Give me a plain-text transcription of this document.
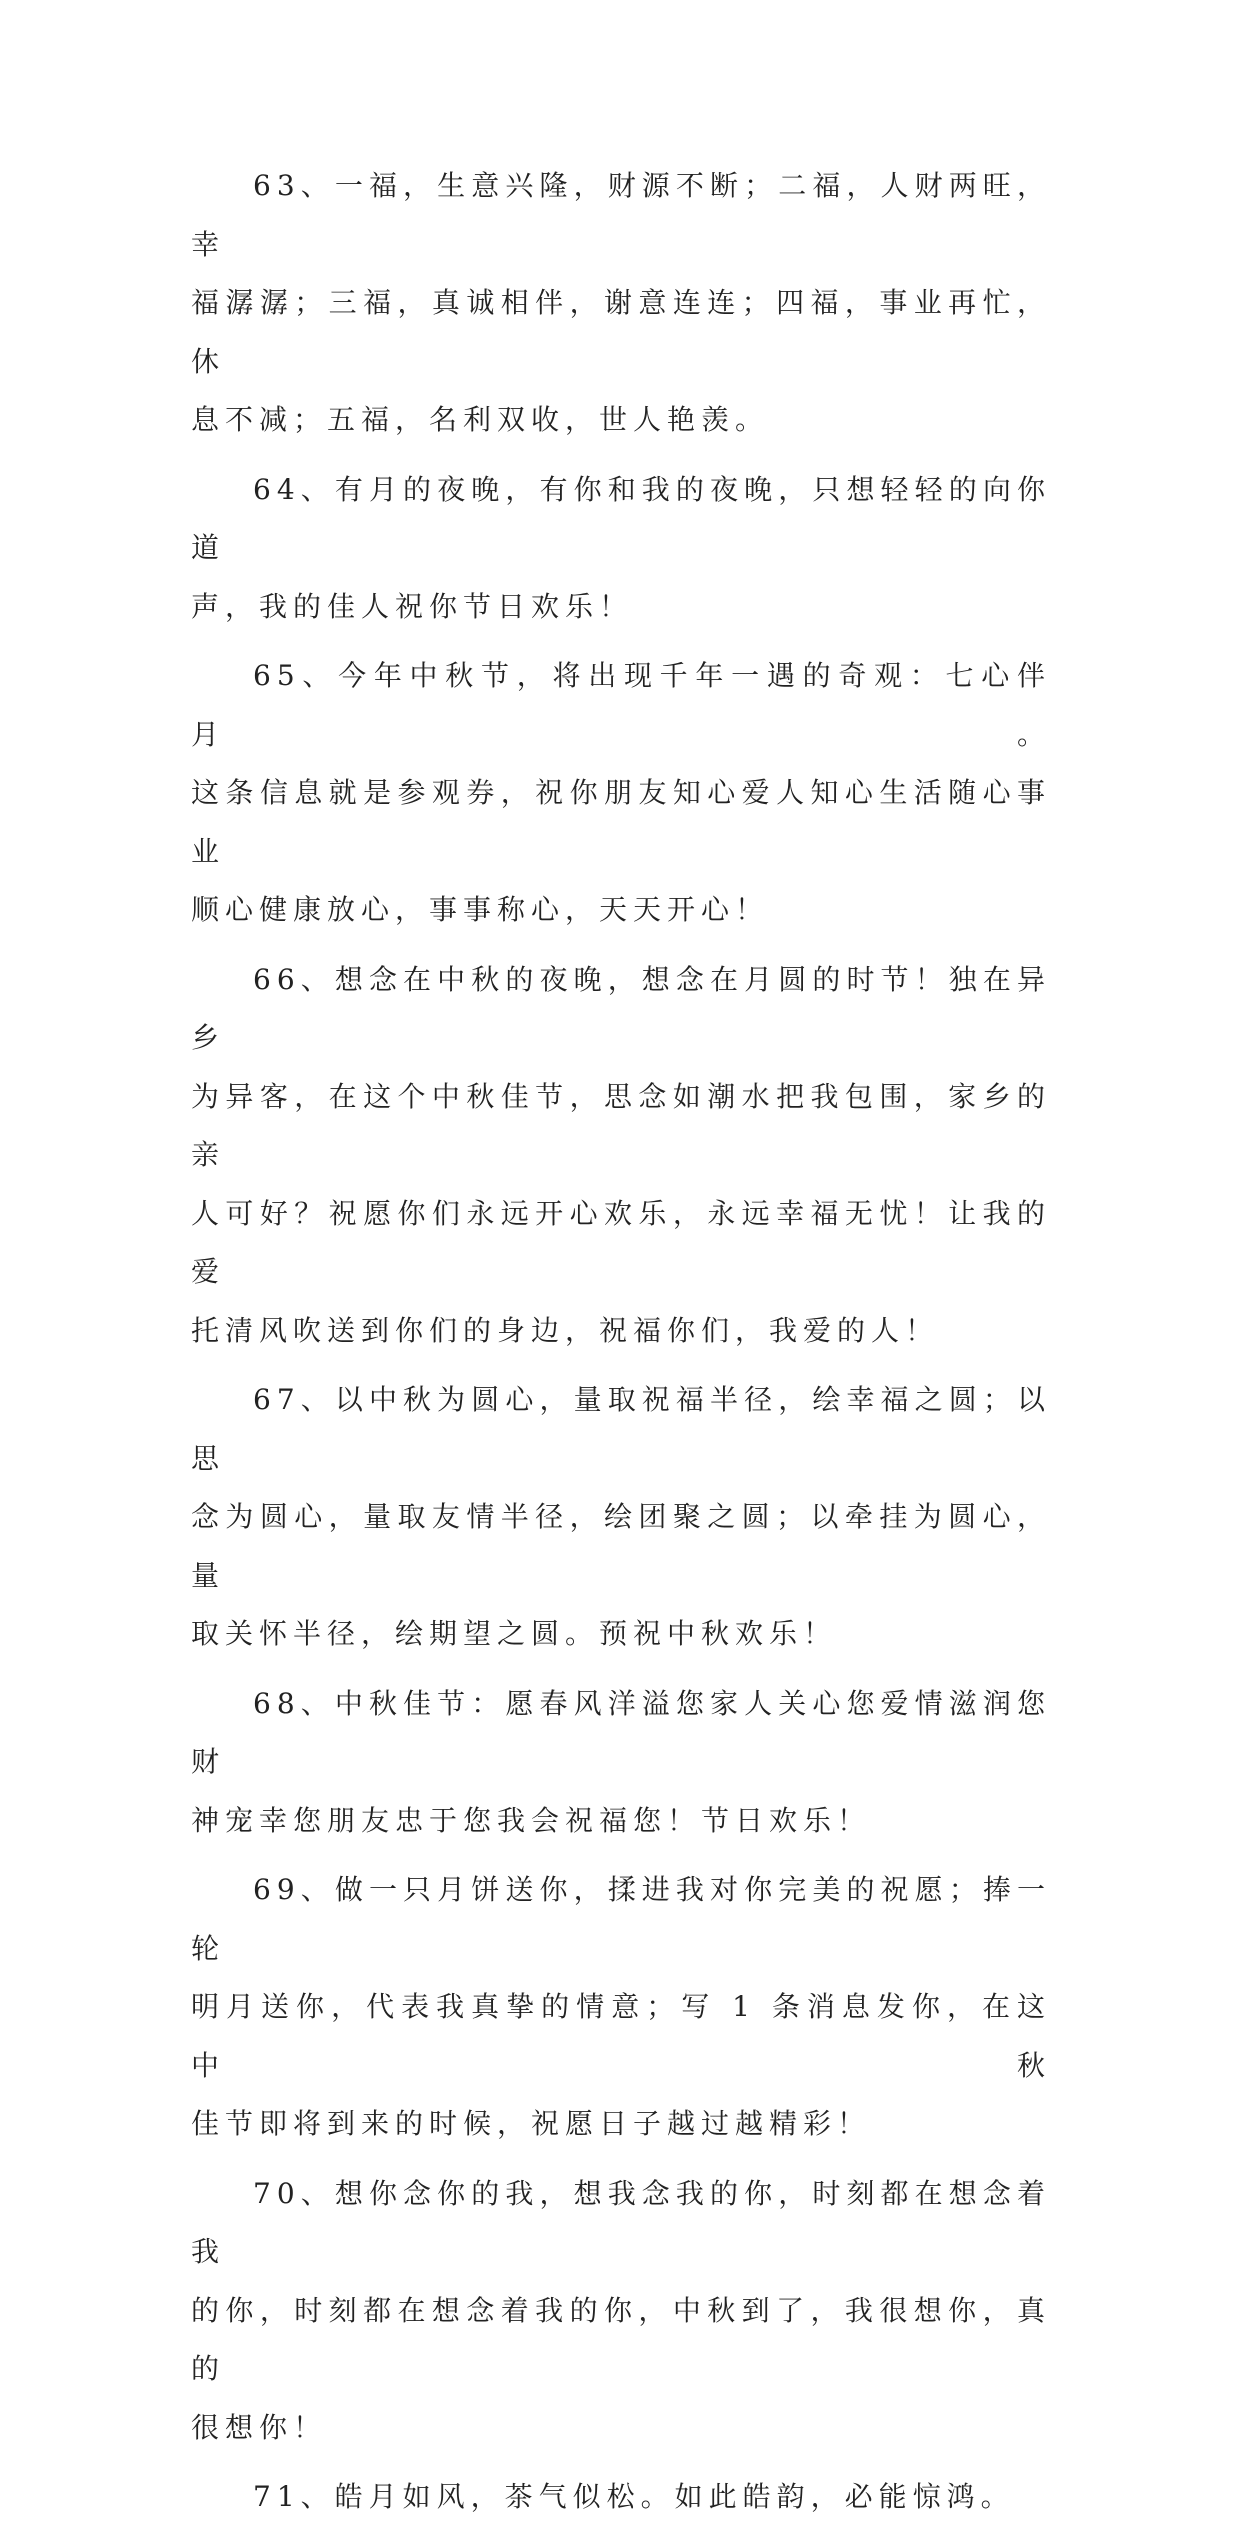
63、一福，生意兴隆，财源不断；二福，人财两旺，幸
福潺潺；三福，真诚相伴，谢意连连；四福，事业再忙，休
息不减；五福，名利双收，世人艳羡。

64、有月的夜晚，有你和我的夜晚，只想轻轻的向你道
声，我的佳人祝你节日欢乐！

65、今年中秋节，将出现千年一遇的奇观：七心伴月。
这条信息就是参观券，祝你朋友知心爱人知心生活随心事业
顺心健康放心，事事称心，天天开心！

66、想念在中秋的夜晚，想念在月圆的时节！独在异乡
为异客，在这个中秋佳节，思念如潮水把我包围，家乡的亲
人可好？祝愿你们永远开心欢乐，永远幸福无忧！让我的爱
托清风吹送到你们的身边，祝福你们，我爱的人！

67、以中秋为圆心，量取祝福半径，绘幸福之圆；以思
念为圆心，量取友情半径，绘团聚之圆；以牵挂为圆心，量
取关怀半径，绘期望之圆。预祝中秋欢乐！

68、中秋佳节：愿春风洋溢您家人关心您爱情滋润您财
神宠幸您朋友忠于您我会祝福您！节日欢乐！

69、做一只月饼送你，揉进我对你完美的祝愿；捧一轮
明月送你，代表我真挚的情意；写 1 条消息发你，在这中秋
佳节即将到来的时候，祝愿日子越过越精彩！

70、想你念你的我，想我念我的你，时刻都在想念着我
的你，时刻都在想念着我的你，中秋到了，我很想你，真的
很想你！

71、皓月如风，茶气似松。如此皓韵，必能惊鸿。
